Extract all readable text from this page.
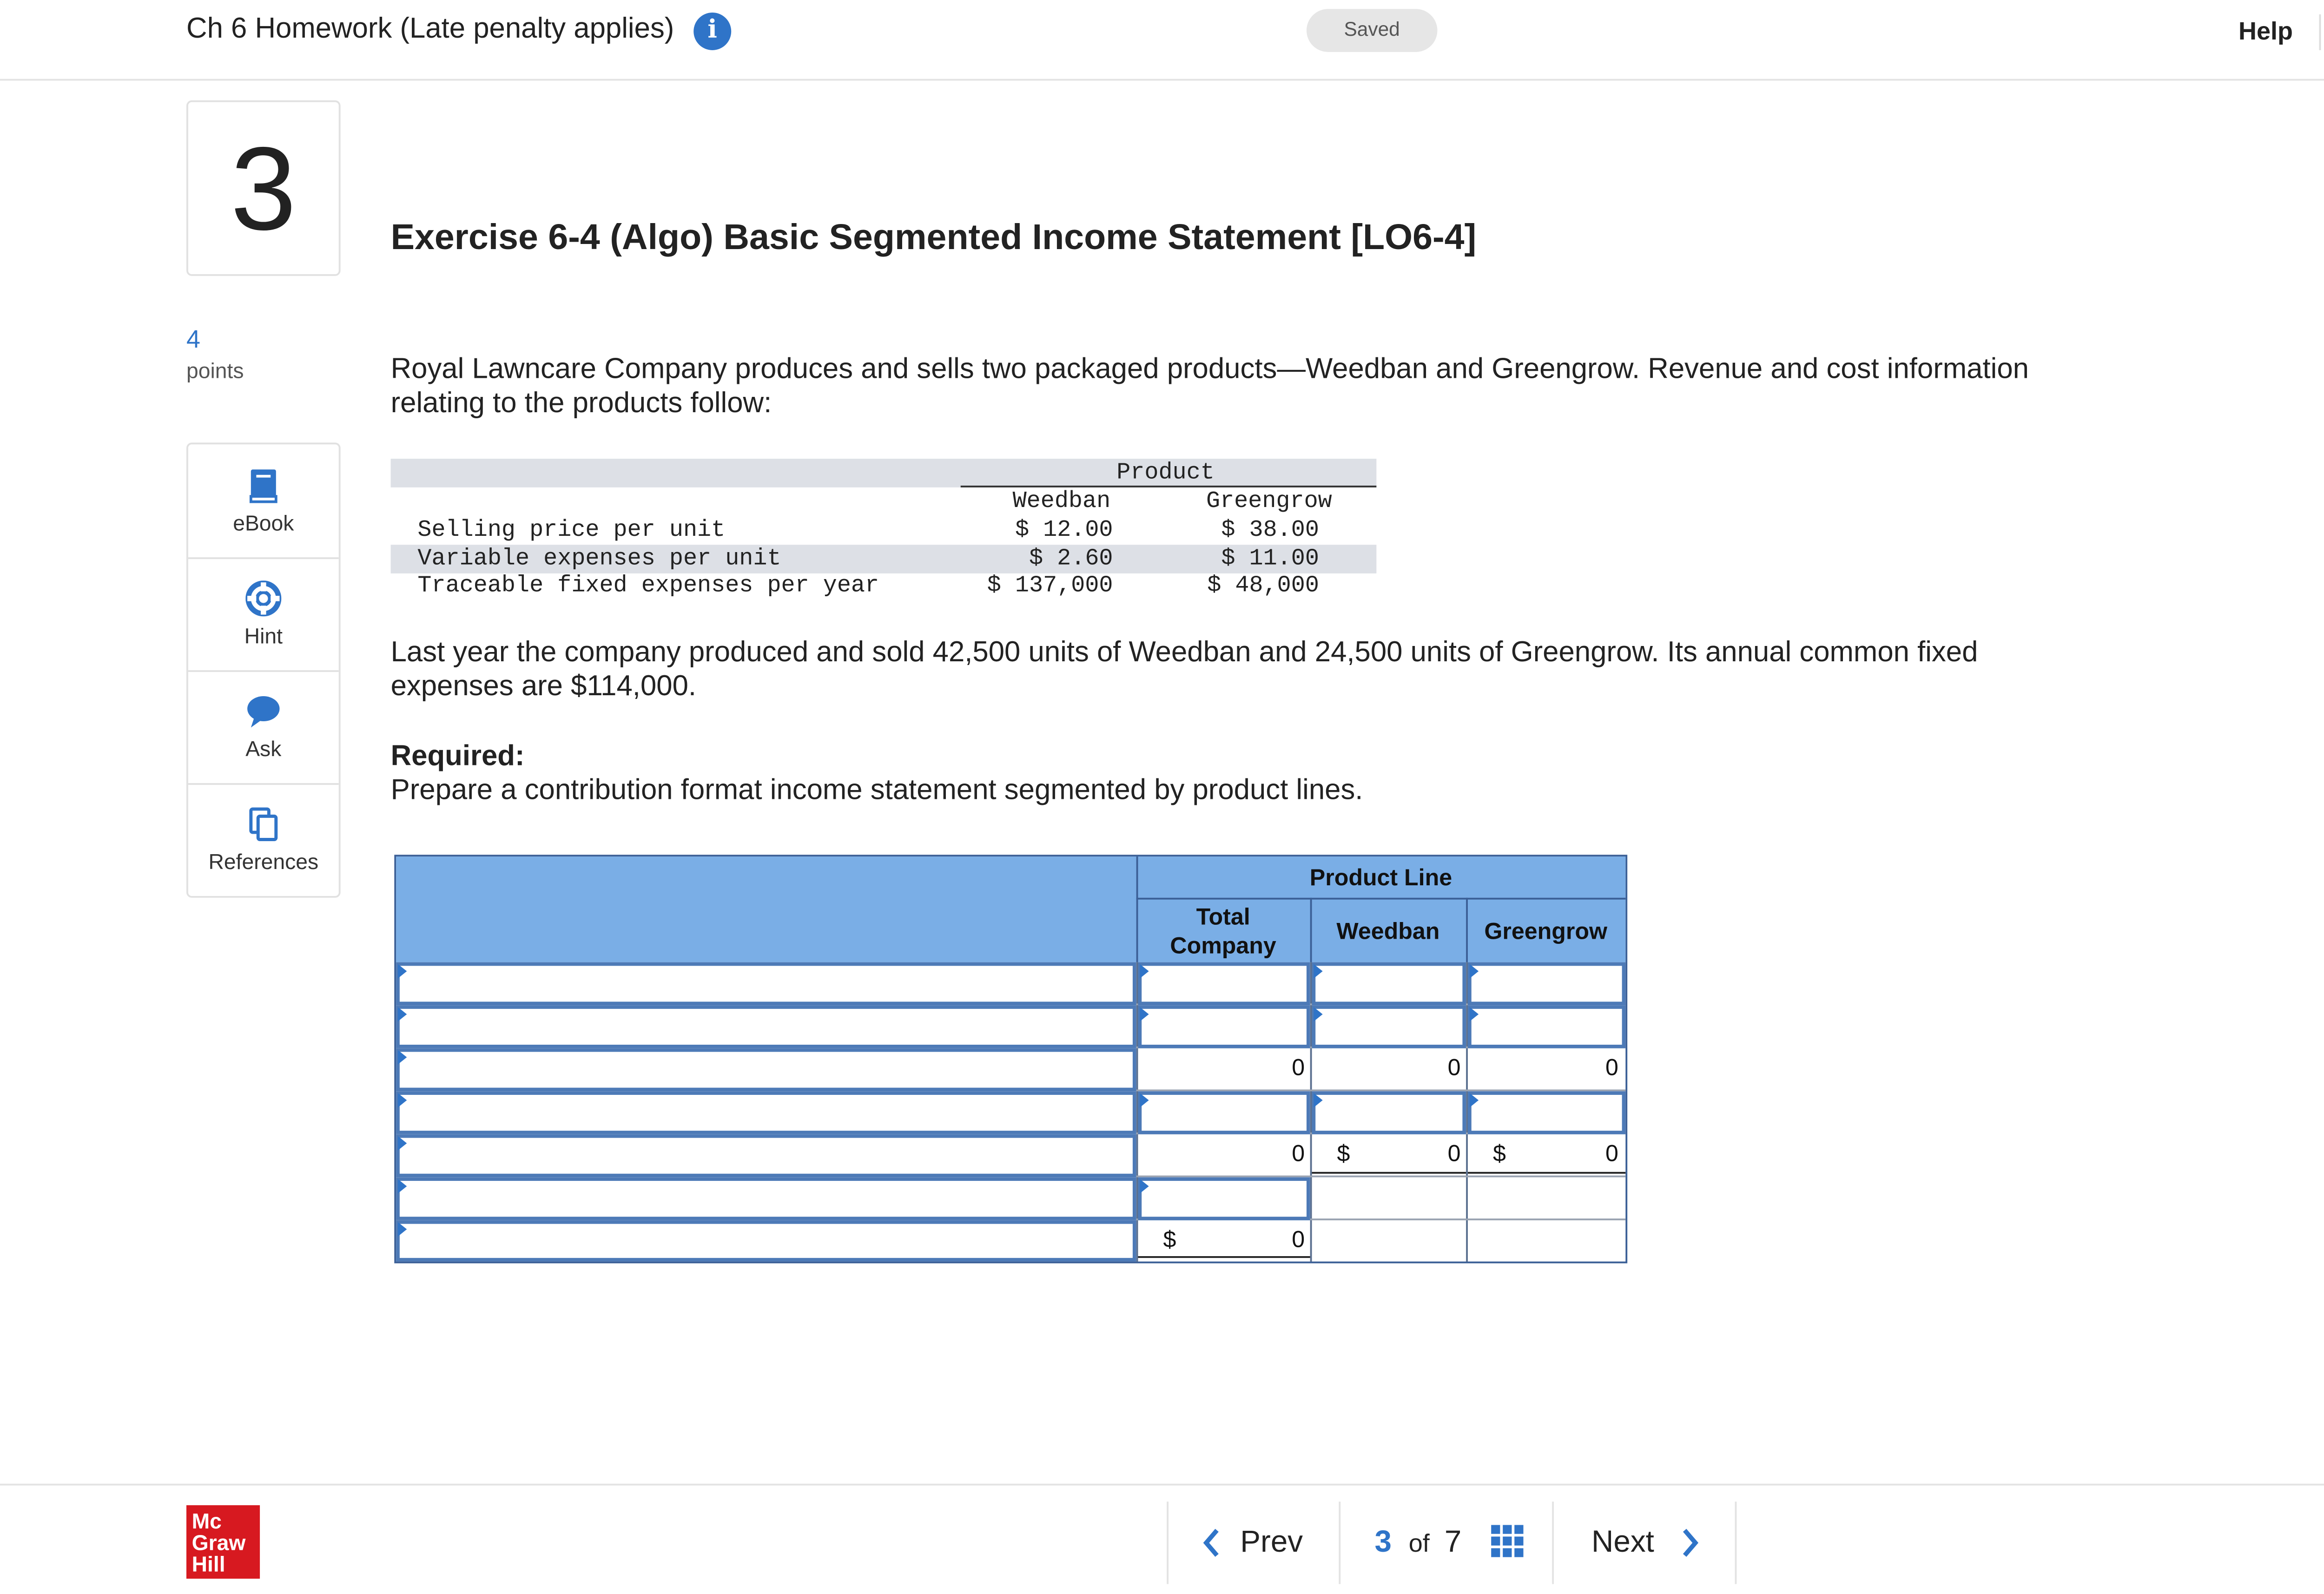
Ch 6 Homework (Late penalty applies)	i	Saved	Help
3
4
points
eBook
Hint
Ask
References
Exercise 6-4 (Algo) Basic Segmented Income Statement [LO6-4]
Royal Lawncare Company produces and sells two packaged products—Weedban and Greengrow. Revenue and cost information relating to the products follow:
Product
Weedban	Greengrow
Selling price per unit	$ 12.00	$ 38.00
Variable expenses per unit	$ 2.60	$ 11.00
Traceable fixed expenses per year	$ 137,000	$ 48,000
Last year the company produced and sold 42,500 units of Weedban and 24,500 units of Greengrow. Its annual common fixed expenses are $114,000.
Required:
Prepare a contribution format income statement segmented by product lines.
Product Line
Total
Company
Weedban	Greengrow
0	0	0
0	$	0	$	0
$	0
Mc
Graw
Hill
Prev	3	of 7	Next
